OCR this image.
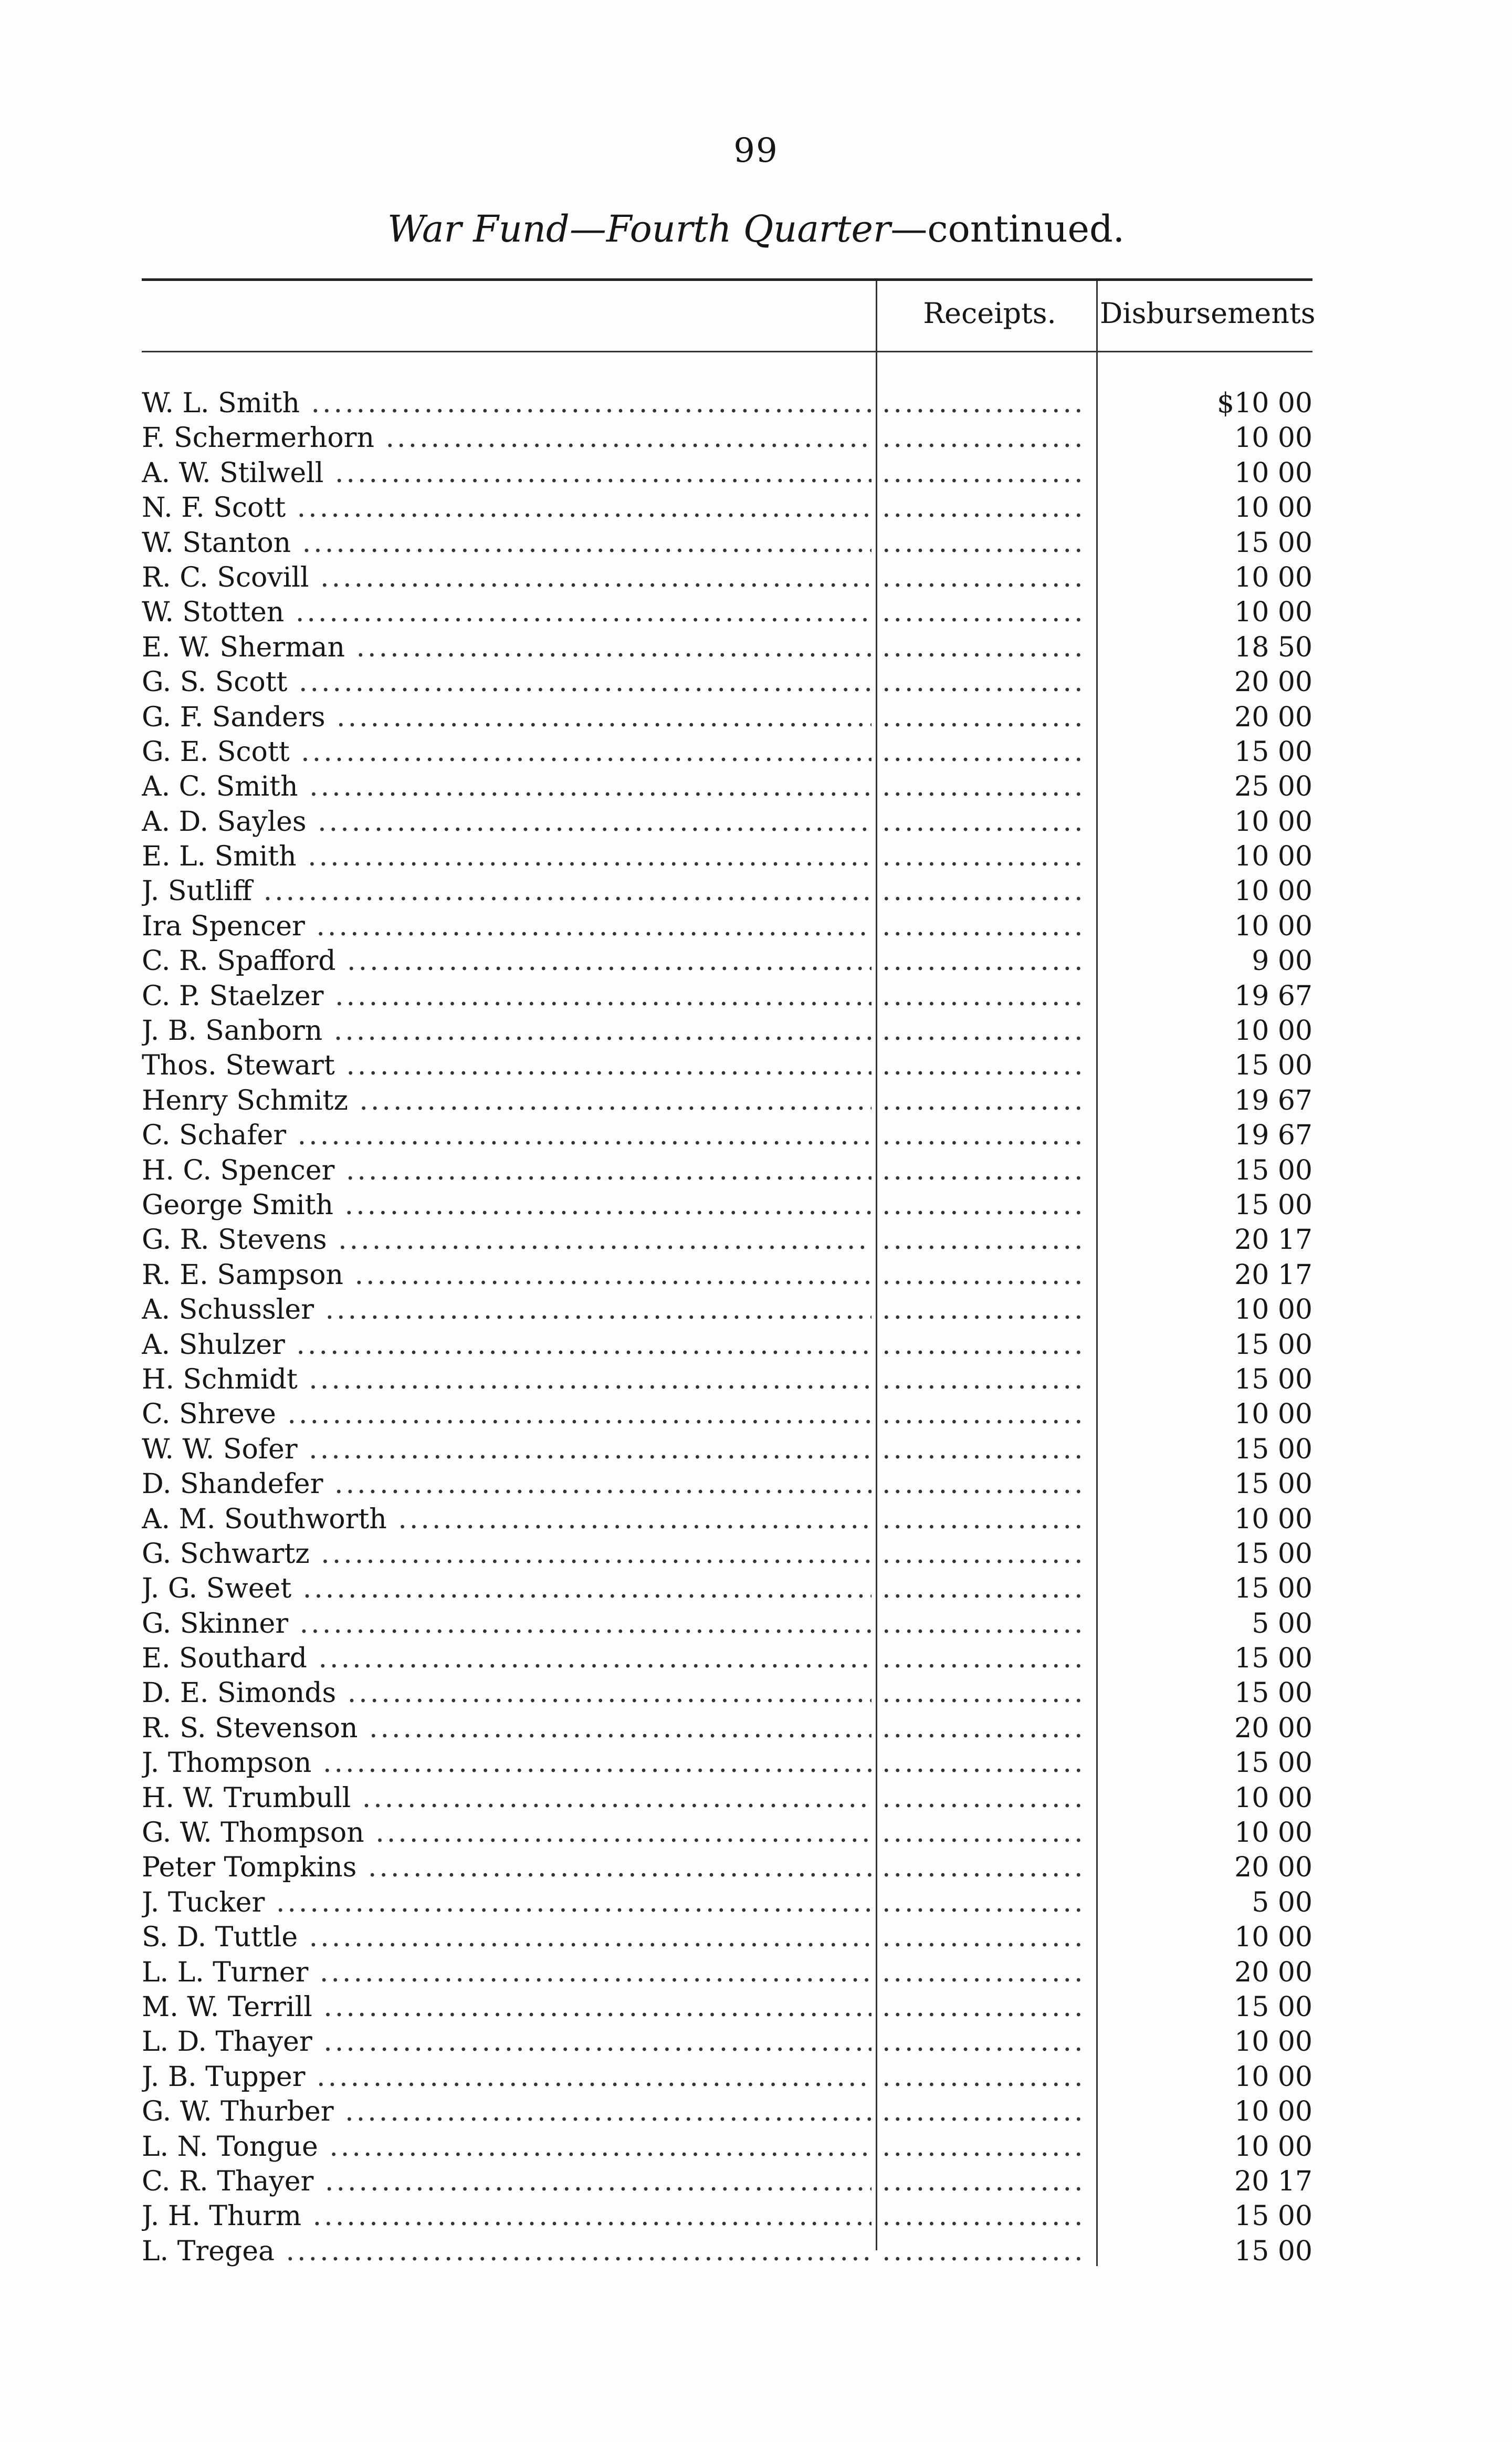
99
War Fund—Fourth Quarter—continued.
Receipts.	Disbursements
W. L. Smith ..... .....	$10 00
F. Schermerhorn ..... .....	10 00
A. W. Stilwell ..... .....	10 00
N. F. Scott ..... .....	10 00
W. Stanton ..... .....	15 00
R. C. Scovill ..... .....	10 00
W. Stotten ..... .....	10 00
E. W. Sherman ..... .....	18 50
G. S. Scott ..... .....	20 00
G. F. Sanders ..... .....	20 00
G. E. Scott ..... .....	15 00
A. C. Smith ..... .....	25 00
A. D. Sayles ..... .....	10 00
E. L. Smith ..... .....	10 00
J. Sutliff ..... .....	10 00
Ira Spencer ..... .....	10 00
C. R. Spafford ..... .....	9 00
C. P. Staelzer ..... .....	19 67
J. B. Sanborn ..... .....	10 00
Thos. Stewart ..... .....	15 00
Henry Schmitz ..... .....	19 67
C. Schafer ..... .....	19 67
H. C. Spencer ..... .....	15 00
George Smith ..... .....	15 00
G. R. Stevens ..... .....	20 17
R. E. Sampson ..... .....	20 17
A. Schussler ..... .....	10 00
A. Shulzer ..... .....	15 00
H. Schmidt ..... .....	15 00
C. Shreve ..... .....	10 00
W. W. Sofer ..... .....	15 00
D. Shandefer ..... .....	15 00
A. M. Southworth ..... .....	10 00
G. Schwartz ..... .....	15 00
J. G. Sweet ..... .....	15 00
G. Skinner ..... .....	5 00
E. Southard ..... .....	15 00
D. E. Simonds ..... .....	15 00
R. S. Stevenson ..... .....	20 00
J. Thompson ..... .....	15 00
H. W. Trumbull ..... .....	10 00
G. W. Thompson ..... .....	10 00
Peter Tompkins ..... .....	20 00
J. Tucker ..... .....	5 00
S. D. Tuttle ..... .....	10 00
L. L. Turner ..... .....	20 00
M. W. Terrill ..... .....	15 00
L. D. Thayer ..... .....	10 00
J. B. Tupper ..... .....	10 00
G. W. Thurber ..... .....	10 00
L. N. Tongue ..... .....	10 00
C. R. Thayer ..... .....	20 17
J. H. Thurm ..... .....	15 00
L. Tregea ..... .....	15 00
